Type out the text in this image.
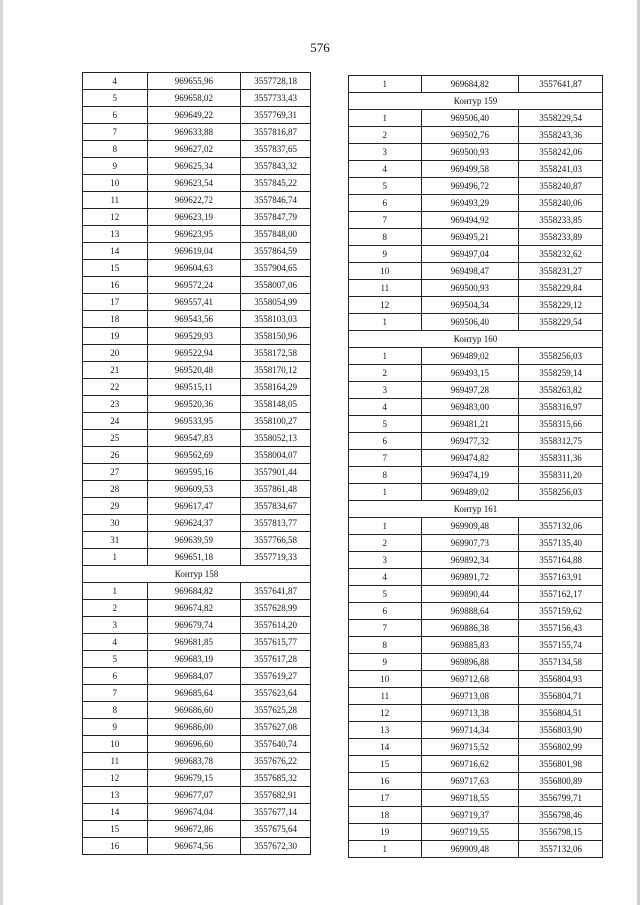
576
4	969655,96	3557728,18
5	969658,02	3557733,43
6	969649,22	3557769,31
7	969633,88	3557816,87
8	969627,02	3557837,65
9	969625,34	3557843,32
10	969623,54	3557845,22
11	969622,72	3557846,74
12	969623,19	3557847,79
13	969623,95	3557848,00
14	969619,04	3557864,59
15	969604,63	3557904,65
16	969572,24	3558007,06
17	969557,41	3558054,99
18	969543,56	3558103,03
19	969529,93	3558150,96
20	969522,94	3558172,58
21	969520,48	3558170,12
22	969515,11	3558164,29
23	969520,36	3558148,05
24	969533,95	3558100,27
25	969547,83	3558052,13
26	969562,69	3558004,07
27	969595,16	3557901,44
28	969609,53	3557861,48
29	969617,47	3557834,67
30	969624,37	3557813,77
31	969639,59	3557766,58
1	969651,18	3557719,33
Контур 158		
1	969684,82	3557641,87
2	969674,82	3557628,99
3	969679,74	3557614,20
4	969681,85	3557615,77
5	969683,19	3557617,28
6	969684,07	3557619,27
7	969685,64	3557623,64
8	969686,60	3557625,28
9	969686,00	3557627,08
10	969696,60	3557640,74
11	969683,78	3557676,22
12	969679,15	3557685,32
13	969677,07	3557682,91
14	969674,04	3557677,14
15	969672,86	3557675,64
16	969674,56	3557672,30
1	969684,82	3557641,87
Контур 159		
1	969506,40	3558229,54
2	969502,76	3558243,36
3	969500,93	3558242,06
4	969499,58	3558241,03
5	969496,72	3558240,87
6	969493,29	3558240,06
7	969494,92	3558233,85
8	969495,21	3558233,89
9	969497,04	3558232,62
10	969498,47	3558231,27
11	969500,93	3558229,84
12	969504,34	3558229,12
1	969506,40	3558229,54
Контур 160		
1	969489,02	3558256,03
2	969493,15	3558259,14
3	969497,28	3558263,82
4	969483,00	3558316,97
5	969481,21	3558315,66
6	969477,32	3558312,75
7	969474,82	3558311,36
8	969474,19	3558311,20
1	969489,02	3558256,03
Контур 161		
1	969909,48	3557132,06
2	969907,73	3557135,40
3	969892,34	3557164,88
4	969891,72	3557163,91
5	969890,44	3557162,17
6	969888,64	3557159,62
7	969886,38	3557156,43
8	969885,83	3557155,74
9	969896,88	3557134,58
10	969712,68	3556804,93
11	969713,08	3556804,71
12	969713,38	3556804,51
13	969714,34	3556803,90
14	969715,52	3556802,99
15	969716,62	3556801,98
16	969717,63	3556800,89
17	969718,55	3556799,71
18	969719,37	3556798,46
19	969719,55	3556798,15
1	969909,48	3557132,06
